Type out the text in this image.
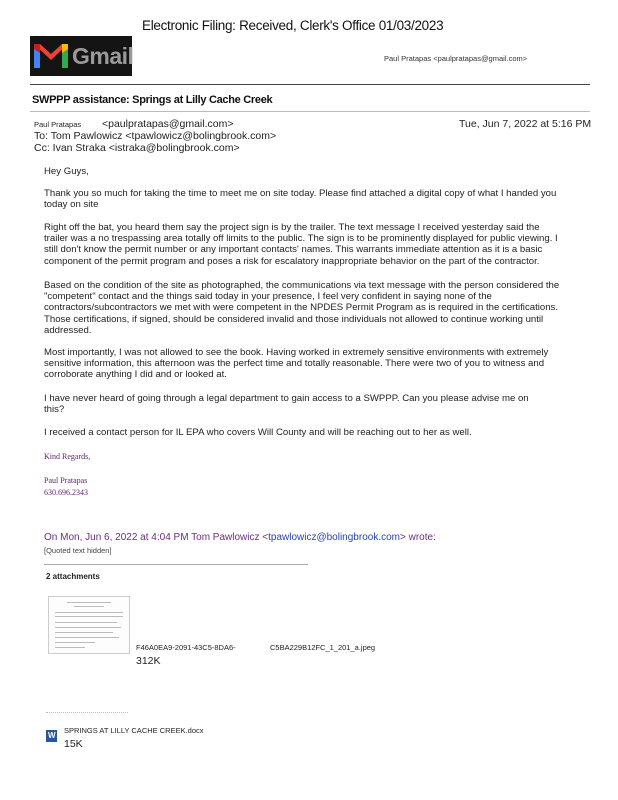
Electronic Filing: Received, Clerk's Office 01/03/2023
Gmail	Paul Pratapas <paulpratapas@gmail.com>
SWPPP assistance: Springs at Lilly Cache Creek
Paul Pratapas <paulpratapas@gmail.com>	Tue, Jun 7, 2022 at 5:16 PM
To: Tom Pawlowicz <tpawlowicz@bolingbrook.com>
Cc: Ivan Straka <istraka@bolingbrook.com>
Hey Guys,
Thank you so much for taking the time to meet me on site today. Please find attached a digital copy of what I handed you
today on site
Right off the bat, you heard them say the project sign is by the trailer. The text message I received yesterday said the
trailer was a no trespassing area totally off limits to the public. The sign is to be prominently displayed for public viewing. I
still don't know the permit number or any important contacts' names. This warrants immediate attention as it is a basic
component of the permit program and poses a risk for escalatory inappropriate behavior on the part of the contractor.
Based on the condition of the site as photographed, the communications via text message with the person considered the
"competent" contact and the things said today in your presence, I feel very confident in saying none of the
contractors/subcontractors we met with were competent in the NPDES Permit Program as is required in the certifications.
Those certifications, if signed, should be considered invalid and those individuals not allowed to continue working until
addressed.
Most importantly, I was not allowed to see the book. Having worked in extremely sensitive environments with extremely
sensitive information, this afternoon was the perfect time and totally reasonable. There were two of you to witness and
corroborate anything I did and or looked at.
I have never heard of going through a legal department to gain access to a SWPPP. Can you please advise me on
this?
I received a contact person for IL EPA who covers Will County and will be reaching out to her as well.
Kind Regards,
Paul Pratapas
630.696.2343
On Mon, Jun 6, 2022 at 4:04 PM Tom Pawlowicz <tpawlowicz@bolingbrook.com> wrote:
[Quoted text hidden]
2 attachments
F46A0EA9-2091-43C5-8DA6-
312K
C5BA229B12FC_1_201_a.jpeg
W
SPRINGS AT LILLY CACHE CREEK.docx
15K
